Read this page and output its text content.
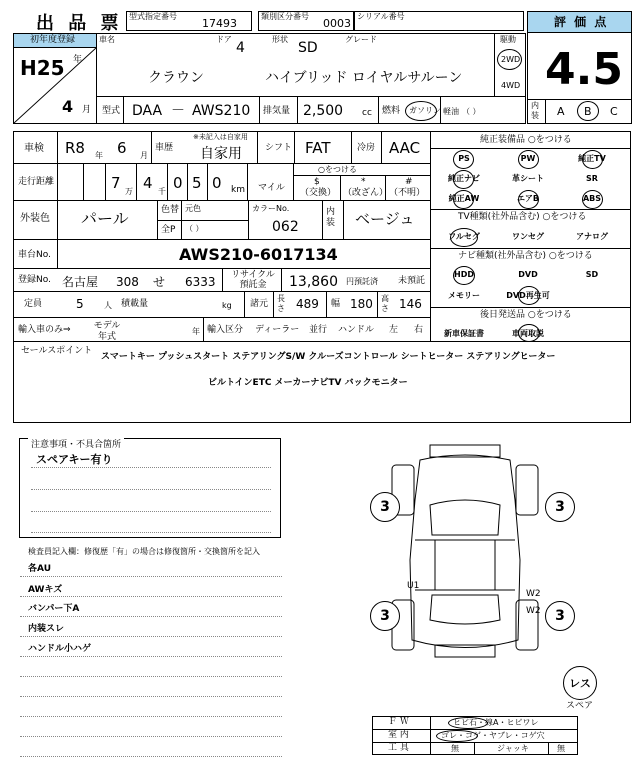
出 品 票 型式指定番号
17493
類別区分番号
0003
シリアル番号	評 価 点
4.5
内装	A B C
初年度登録
H25 年
4 月
車名	ドア
4
形状
SD
グレード
クラウン	ハイブリッド ロイヤルサルーン
駆動
2WD
4WD
型式 DAA － AWS210 排気量 2,500 cc 燃料 ガソリン 軽油 （ ）
車検 R8 年 6 月
車歴
※未記入は自家用
自家用	シフト FAT	冷房 AAC
走行距離	7 万 4 千 0 5 0 km
○をつける
マイル
$
（交換）
*
（改ざん）
#
（不明）
外装色 パール	色替
全P
元色
（ ）
カラーNo.
062
内装 ベージュ
車台No.	AWS210-6017134
登録No. 名古屋 308 せ 6333 リサイクル預託金	13,860 円預託済 未預託
定員	5	人 積載量	kg 諸元
長さ 489 幅 180 高さ 146
輸入車のみ⇒	モデル年式
年 輸入区分 ディーラー 並行 ハンドル 左 右
純正装備品 ○をつける
PS	PW	純正TV
純正ナビ	革シート	SR
純正AW	エアB	ABS
TV種類(社外品含む) ○をつける
フルセグ	ワンセグ	アナログ
ナビ種類(社外品含む) ○をつける
HDD	DVD	SD
メモリー	DVD再生可
後日発送品 ○をつける
新車保証書	車両取説
セールスポイント
スマートキー プッシュスタート ステアリングS/W クルーズコントロール シートヒーター ステアリングヒーター
ビルトインETC メーカーナビTV バックモニター
注意事項・不具合箇所
スペアキー有り
検査員記入欄：修復歴「有」の場合は修復箇所・交換箇所を記入
各AU
AWキズ
バンパー下A
内装スレ
ハンドル小ハゲ
3	3
3	3
U1
W2
W2
レス
スペア
Ｆ Ｗ	ヒビ石・線A・ヒビワレ
室 内	ゴレ・コゲ・ヤブレ・コゲ穴
工 具	無	ジャッキ	無
